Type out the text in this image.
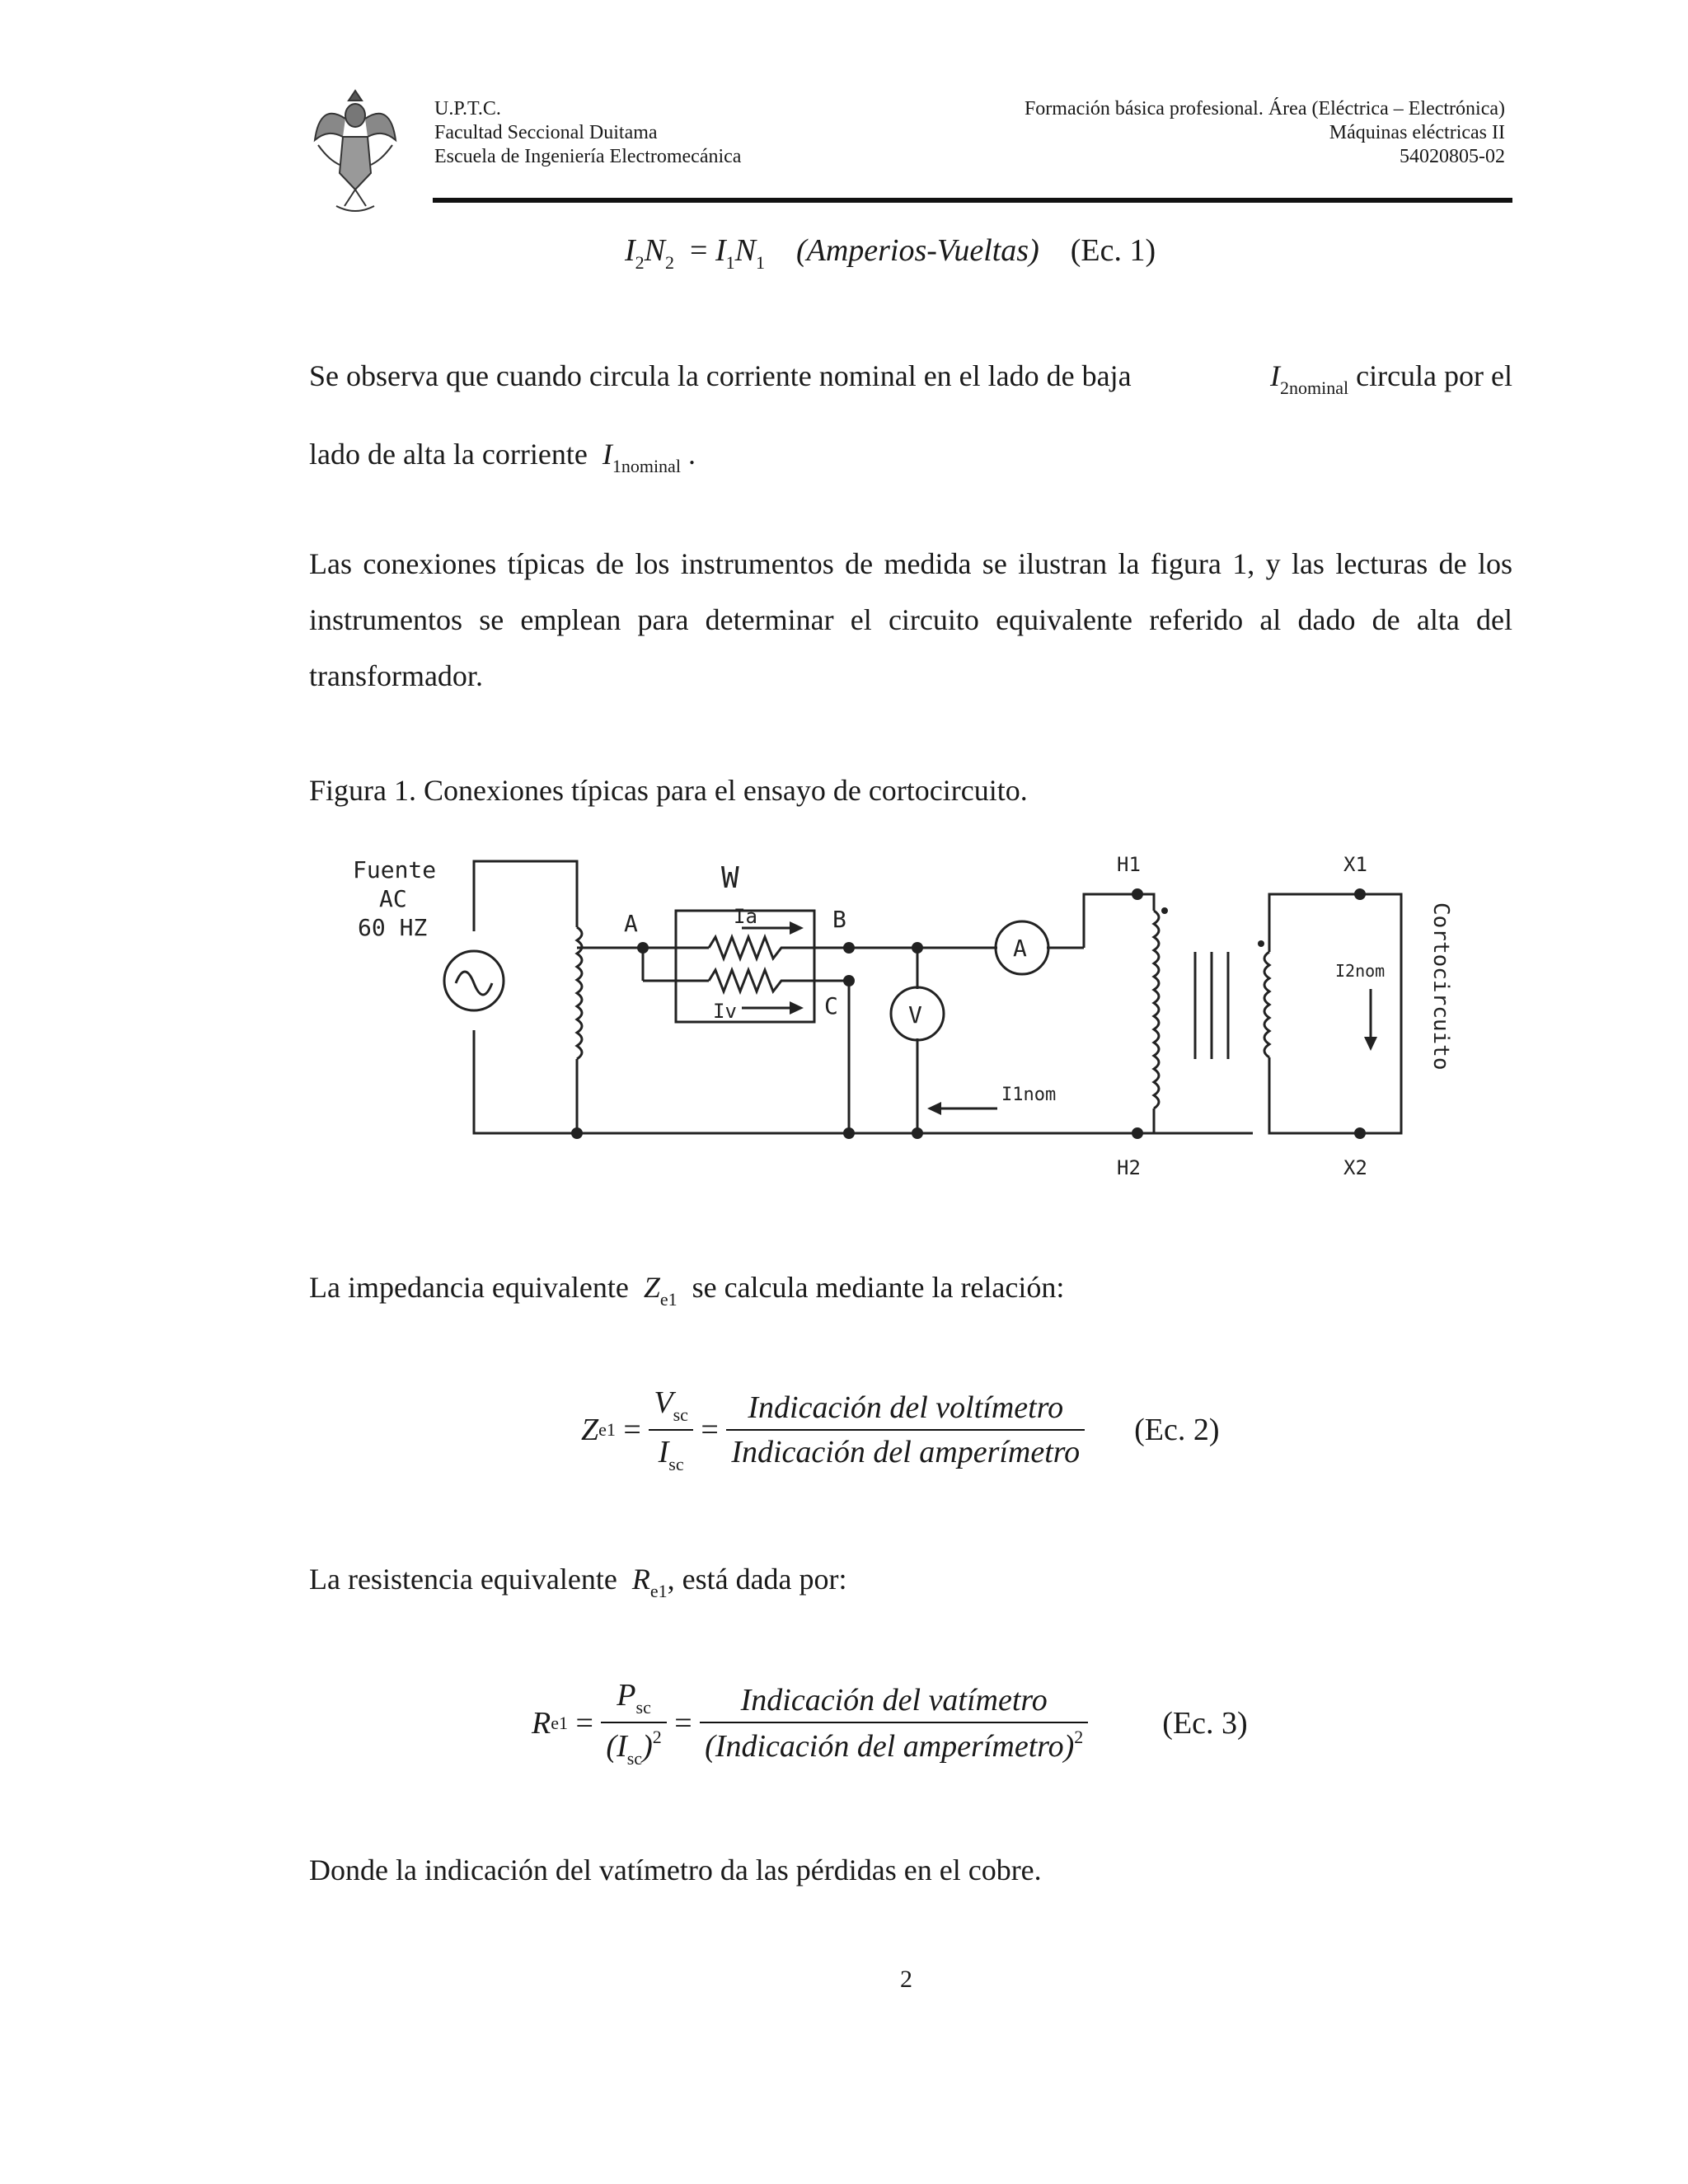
U.P.T.C.
Facultad Seccional Duitama
Escuela de Ingeniería Electromecánica
Formación básica profesional. Área (Eléctrica – Electrónica)
Máquinas eléctricas II
54020805-02
$I_2N_2 = I_1N_1$ (Amperios-Vueltas) (Ec. 1)
Se observa que cuando circula la corriente nominal en el lado de baja	$I_{2nominal}$ circula por el
lado de alta la corriente  $I_{1nominal}$ .
Las conexiones típicas de los instrumentos de medida se ilustran la figura 1, y las lecturas de los instrumentos se emplean para determinar el circuito equivalente referido al dado de alta del transformador.
Figura 1. Conexiones típicas para el ensayo de cortocircuito.
Fuente
AC
60 HZ
W
A	B
C
Ia
Iv
A
V
H1
H2
X1
X2
I1nom
I2nom Cortocircuito
La impedancia equivalente  $Z_{e1}$ se calcula mediante la relación:
Z $e1 = \frac{V_{sc}}{I_{sc}} = \frac{\text{Indicación del voltímetro}}{\text{Indicación del amperímetro}} (Ec$. 2)
La resistencia equivalente  $R_{e1}$, está dada por:
R $e1 = \frac{P_{sc}}{(I_{sc})^2} = \frac{\text{Indicación del vatímetro}}{(Indicación del amperímetro)^2} (Ec$. 3)
Donde la indicación del vatímetro da las pérdidas en el cobre.
2
